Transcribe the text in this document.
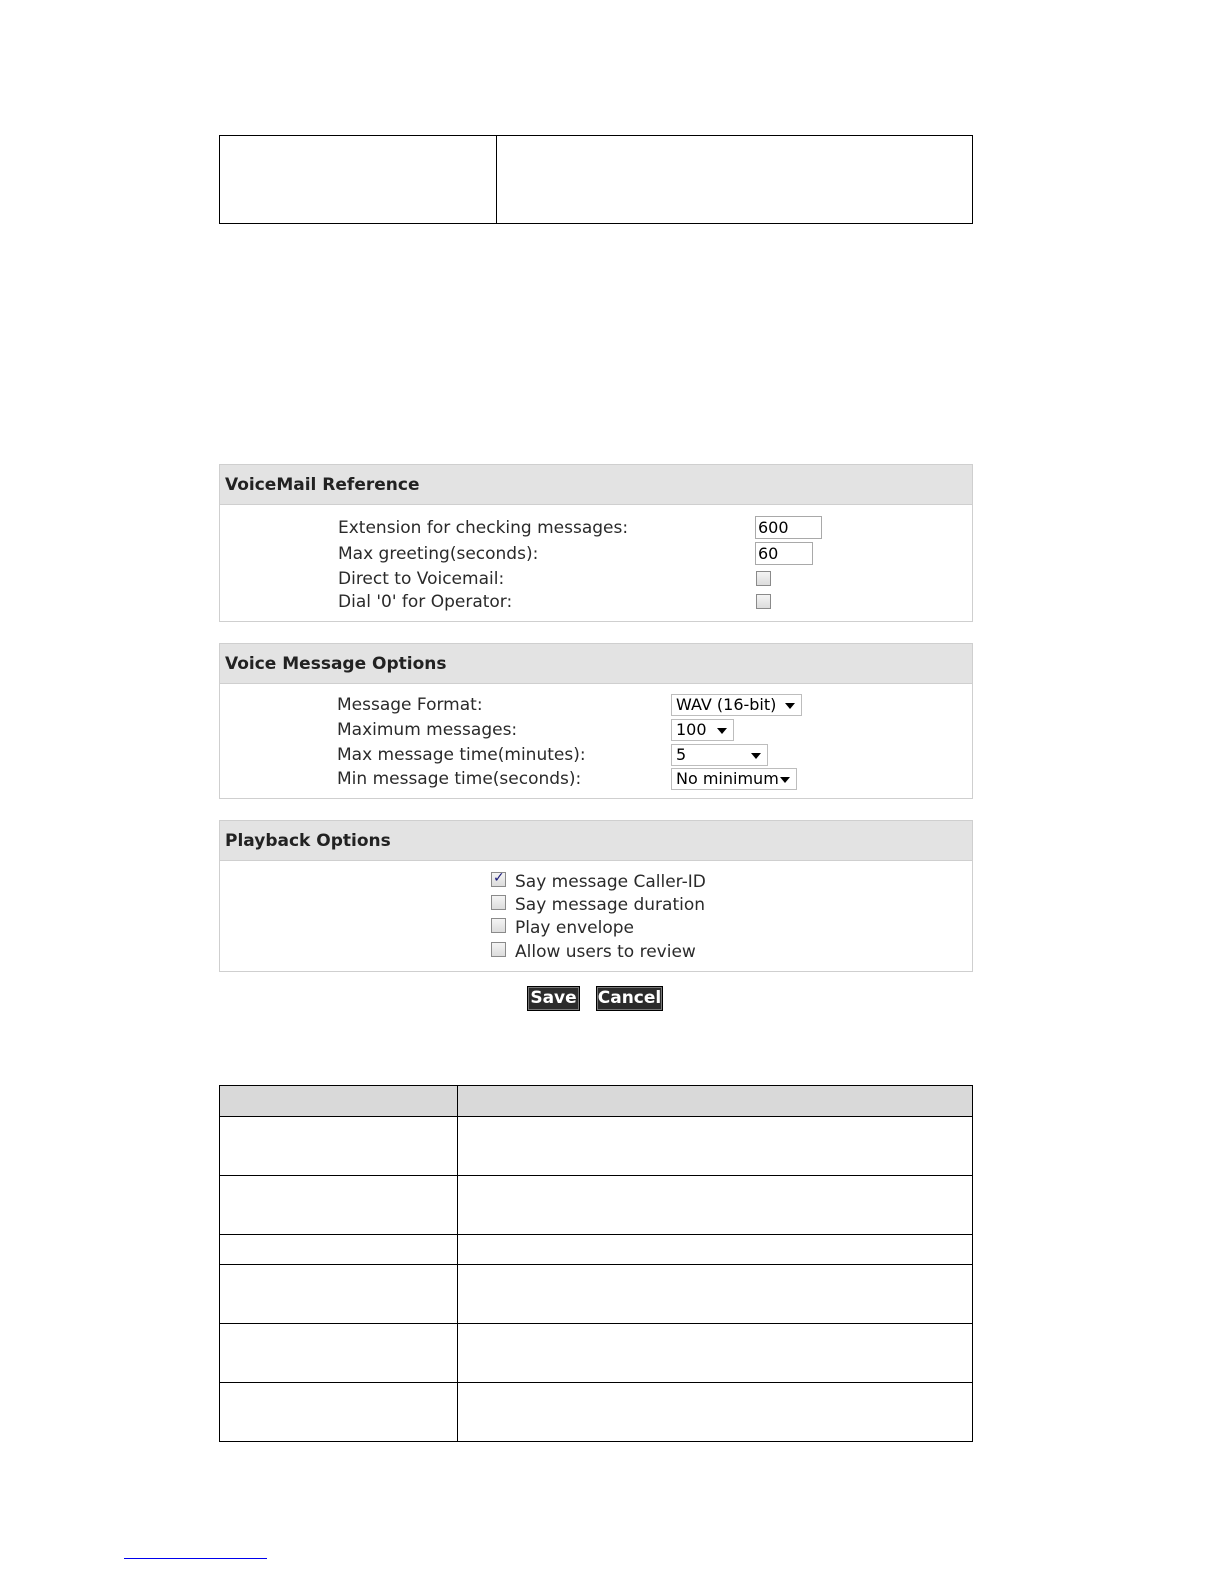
VoiceMail Reference
Extension for checking messages:
600
Max greeting(seconds):
60
Direct to Voicemail:
Dial '0' for Operator:
Voice Message Options
Message Format:	WAV (16-bit)
Maximum messages:	100
Max message time(minutes):	5
Min message time(seconds):	No minimum
Playback Options
✓
Say message Caller-ID
Say message duration
Play envelope
Allow users to review
Save Cancel
